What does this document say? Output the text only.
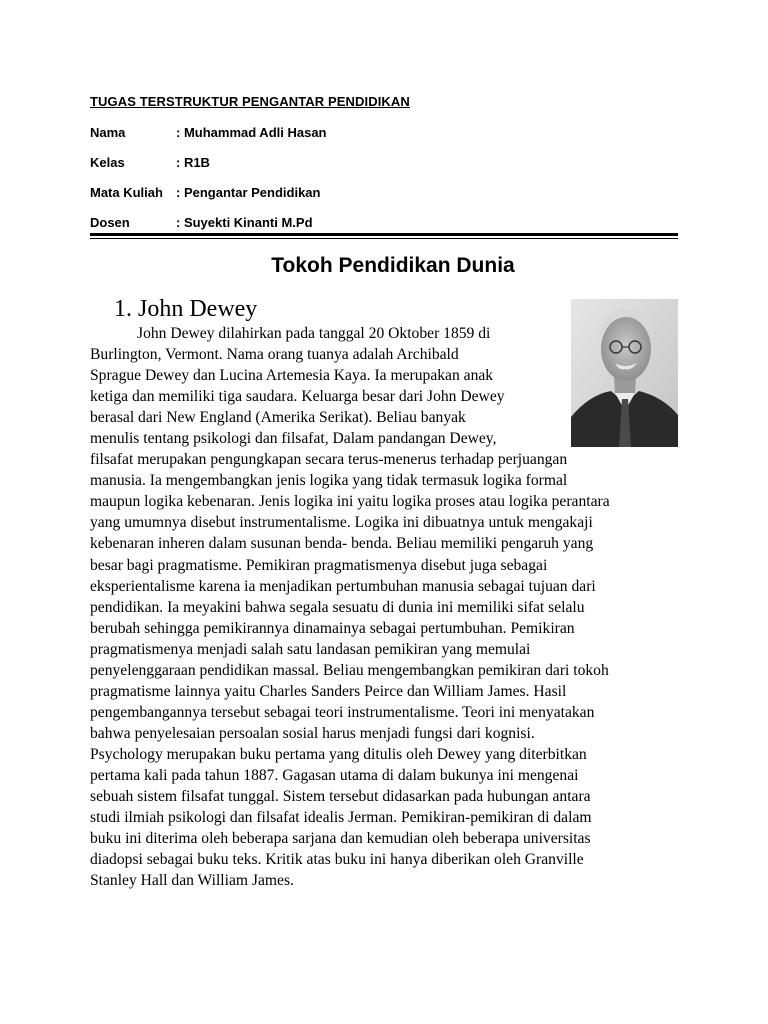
TUGAS TERSTRUKTUR PENGANTAR PENDIDIKAN
Nama	: Muhammad Adli Hasan
Kelas	: R1B
Mata Kuliah : Pengantar Pendidikan
Dosen	: Suyekti Kinanti M.Pd
Tokoh Pendidikan Dunia
1. John Dewey
John Dewey dilahirkan pada tanggal 20 Oktober 1859 di
Burlington, Vermont. Nama orang tuanya adalah Archibald
Sprague Dewey dan Lucina Artemesia Kaya. Ia merupakan anak
ketiga dan memiliki tiga saudara. Keluarga besar dari John Dewey
berasal dari New England (Amerika Serikat). Beliau banyak
menulis tentang psikologi dan filsafat, Dalam pandangan Dewey,
filsafat merupakan pengungkapan secara terus-menerus terhadap perjuangan
manusia. Ia mengembangkan jenis logika yang tidak termasuk logika formal
maupun logika kebenaran. Jenis logika ini yaitu logika proses atau logika perantara
yang umumnya disebut instrumentalisme. Logika ini dibuatnya untuk mengakaji
kebenaran inheren dalam susunan benda- benda. Beliau memiliki pengaruh yang
besar bagi pragmatisme. Pemikiran pragmatismenya disebut juga sebagai
eksperientalisme karena ia menjadikan pertumbuhan manusia sebagai tujuan dari
pendidikan. Ia meyakini bahwa segala sesuatu di dunia ini memiliki sifat selalu
berubah sehingga pemikirannya dinamainya sebagai pertumbuhan. Pemikiran
pragmatismenya menjadi salah satu landasan pemikiran yang memulai
penyelenggaraan pendidikan massal. Beliau mengembangkan pemikiran dari tokoh
pragmatisme lainnya yaitu Charles Sanders Peirce dan William James. Hasil
pengembangannya tersebut sebagai teori instrumentalisme. Teori ini menyatakan
bahwa penyelesaian persoalan sosial harus menjadi fungsi dari kognisi.
Psychology merupakan buku pertama yang ditulis oleh Dewey yang diterbitkan
pertama kali pada tahun 1887. Gagasan utama di dalam bukunya ini mengenai
sebuah sistem filsafat tunggal. Sistem tersebut didasarkan pada hubungan antara
studi ilmiah psikologi dan filsafat idealis Jerman. Pemikiran-pemikiran di dalam
buku ini diterima oleh beberapa sarjana dan kemudian oleh beberapa universitas
diadopsi sebagai buku teks. Kritik atas buku ini hanya diberikan oleh Granville
Stanley Hall dan William James.
